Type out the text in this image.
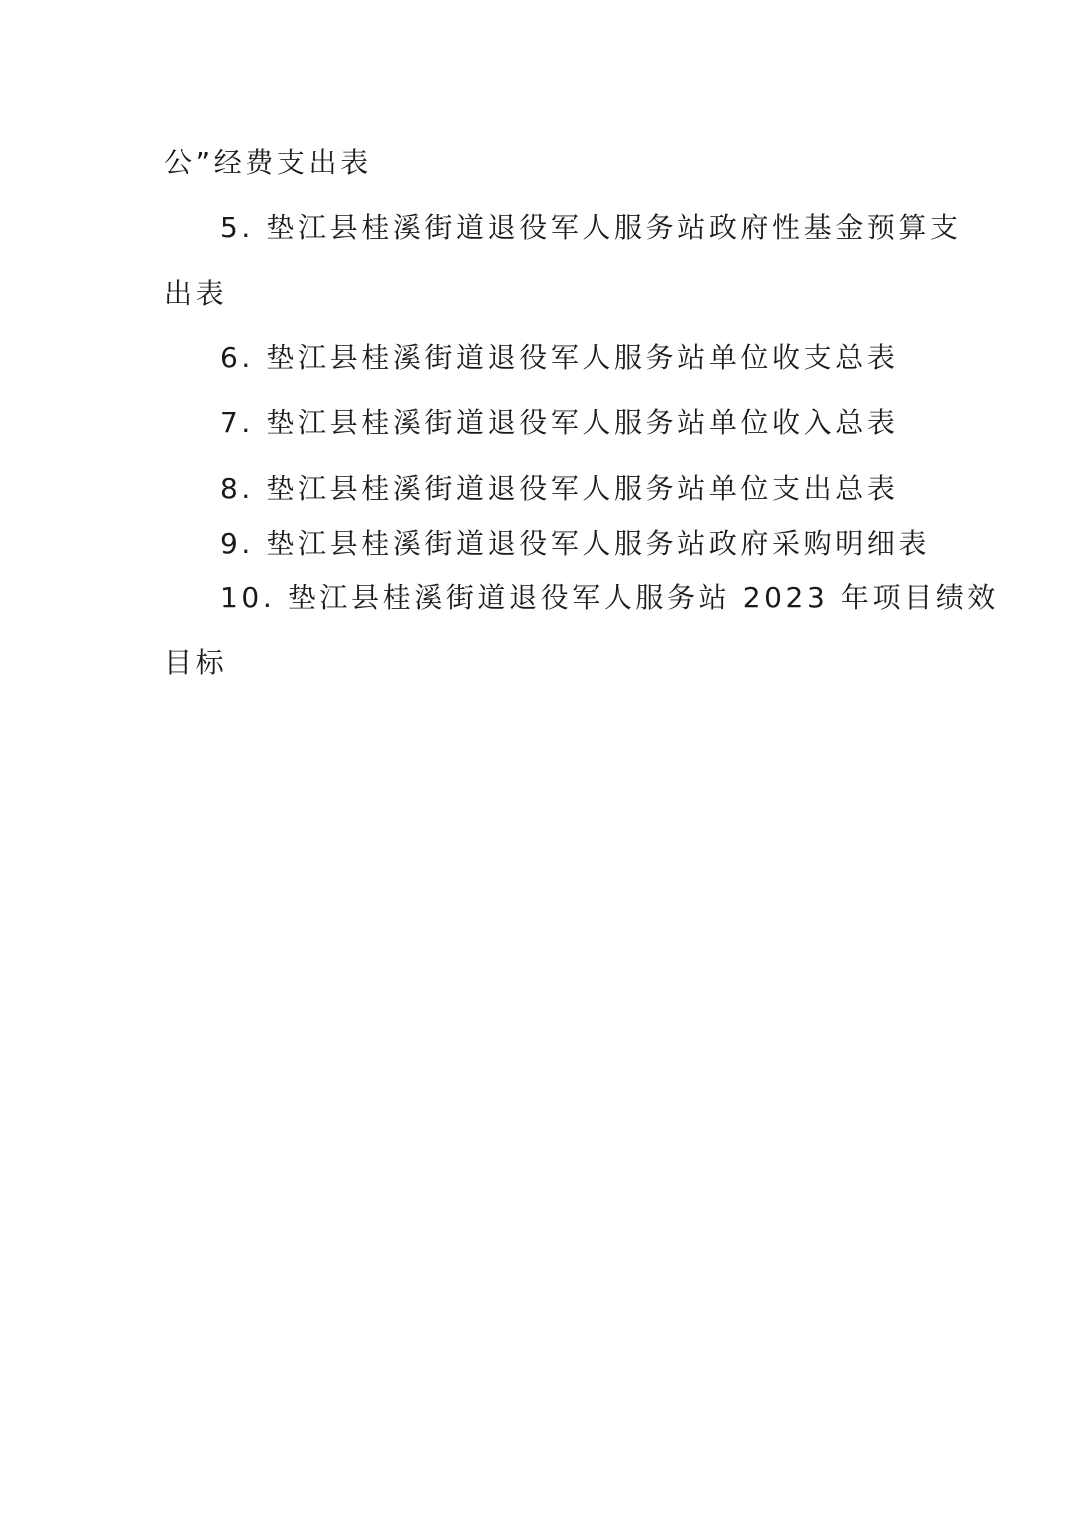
公”经费支出表

5. 垫江县桂溪街道退役军人服务站政府性基金预算支

出表

6. 垫江县桂溪街道退役军人服务站单位收支总表

7. 垫江县桂溪街道退役军人服务站单位收入总表

8. 垫江县桂溪街道退役军人服务站单位支出总表

9. 垫江县桂溪街道退役军人服务站政府采购明细表

10. 垫江县桂溪街道退役军人服务站 2023 年项目绩效

目标
